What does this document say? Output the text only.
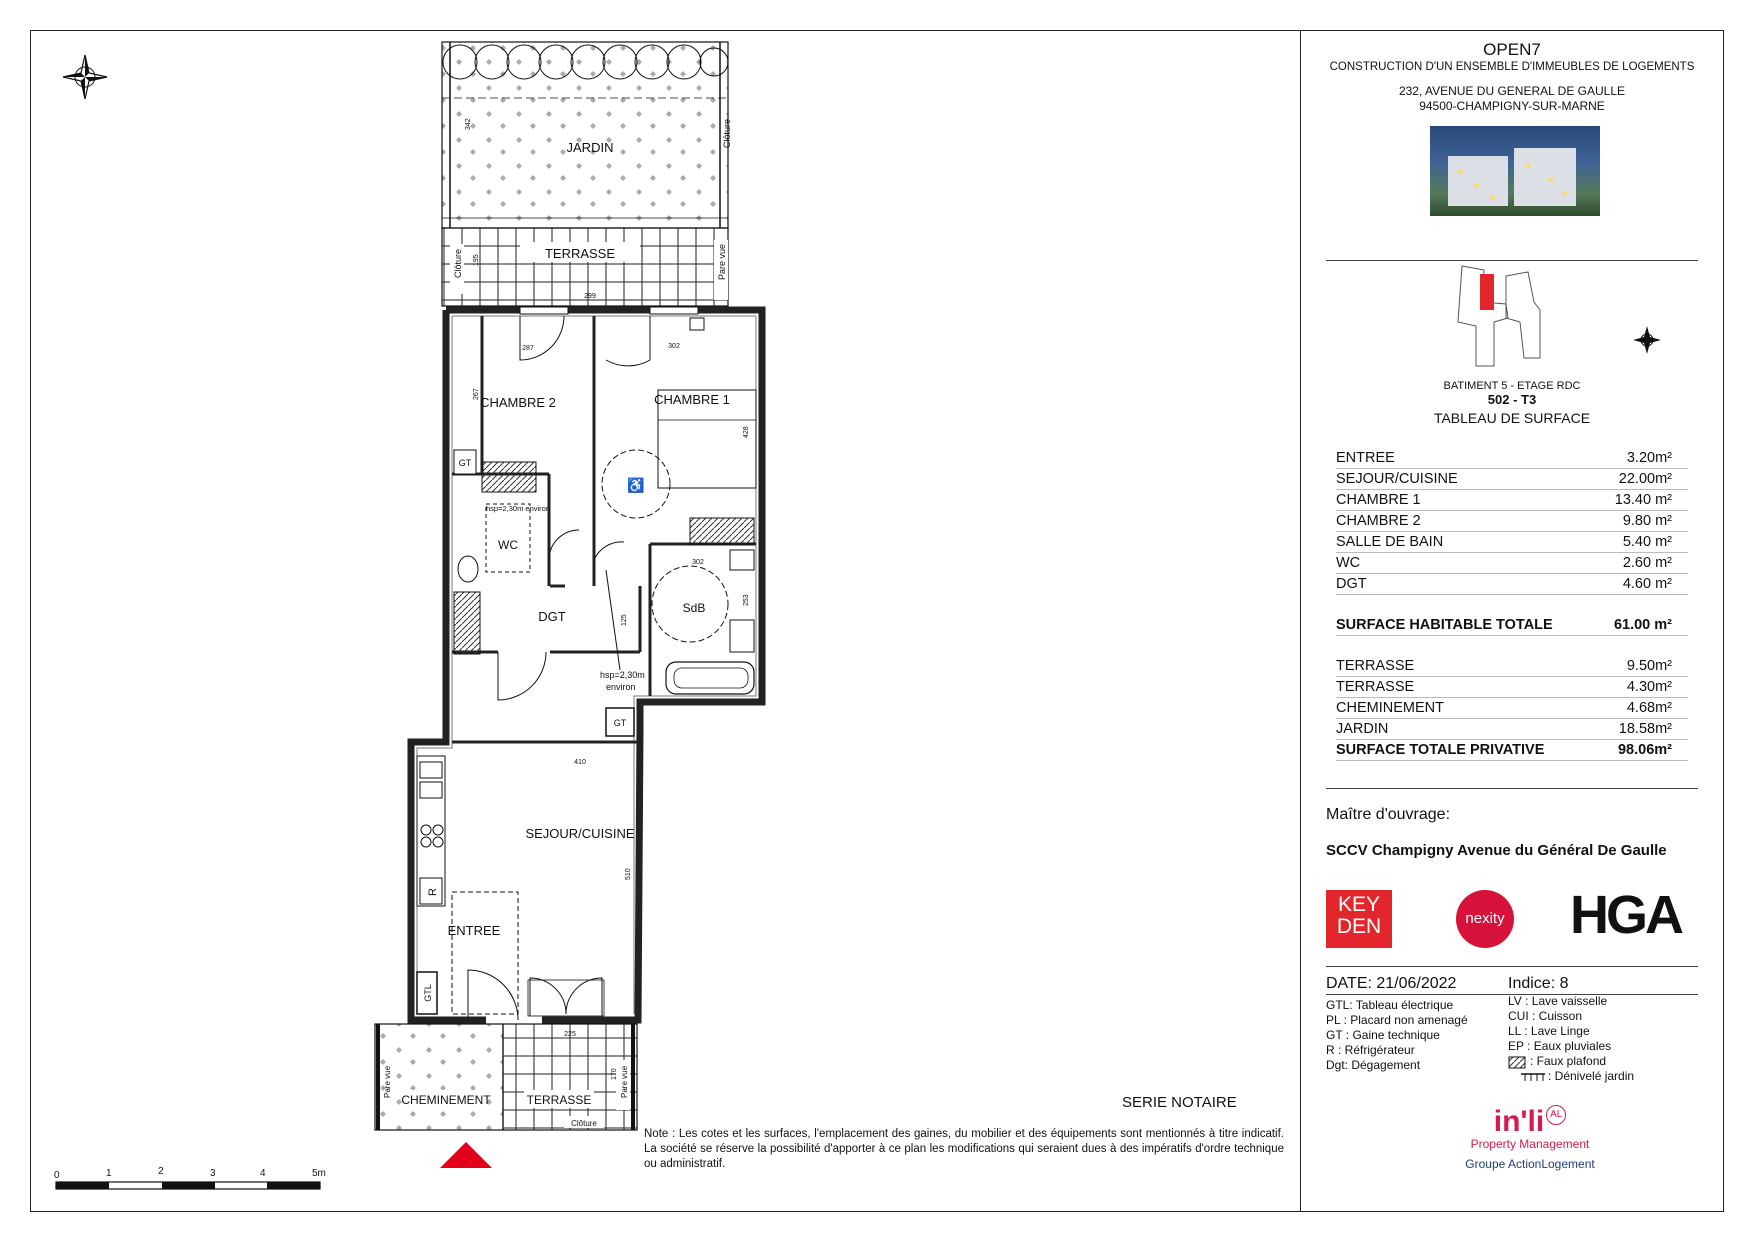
JARDIN	Clôture
342
TERRASSE
Clôture	Pare vue
195
299
CHAMBRE 2
287
267
GT
hsp=2,30m environ
CHAMBRE 1
302
428
♿
WC
DGT	125
hsp=2,30m
environ
SdB
302
253
GT
410
510
SEJOUR/CUISINE
R
ENTREE
GTL
CHEMINEMENT
Pare vue
TERRASSE
Clôture
Pare vue
225
170
0	1	2	3	4	5m
SERIE NOTAIRE
Note : Les cotes et les surfaces, l'emplacement des gaines, du mobilier et des équipements sont mentionnés à titre indicatif. La société se réserve la possibilité d'apporter à ce plan les modifications qui seraient dues à des impératifs d'ordre technique ou administratif.
OPEN7
CONSTRUCTION D'UN ENSEMBLE D'IMMEUBLES DE LOGEMENTS
232, AVENUE DU GENERAL DE GAULLE
94500-CHAMPIGNY-SUR-MARNE
BATIMENT 5 - ETAGE RDC
502 - T3
TABLEAU DE SURFACE
ENTREE	3.20m²
SEJOUR/CUISINE	22.00m²
CHAMBRE 1	13.40 m²
CHAMBRE 2	9.80 m²
SALLE DE BAIN	5.40 m²
WC	2.60 m²
DGT	4.60 m²
SURFACE HABITABLE TOTALE	61.00 m²
TERRASSE	9.50m²
TERRASSE	4.30m²
CHEMINEMENT	4.68m²
JARDIN	18.58m²
SURFACE TOTALE PRIVATIVE	98.06m²
Maître d'ouvrage:
SCCV Champigny Avenue du Général De Gaulle
KEY
DEN	nexity HGA
DATE: 21/06/2022	Indice: 8
GTL: Tableau électrique
PL : Placard non amenagé
GT : Gaine technique
R : Réfrigérateur
Dgt: Dégagement
LV : Lave vaisselle
CUI : Cuisson
LL : Lave Linge
EP : Eaux pluviales
: Faux plafond
: Dénivelé jardin
in'li AL
Property Management
Groupe ActionLogement
